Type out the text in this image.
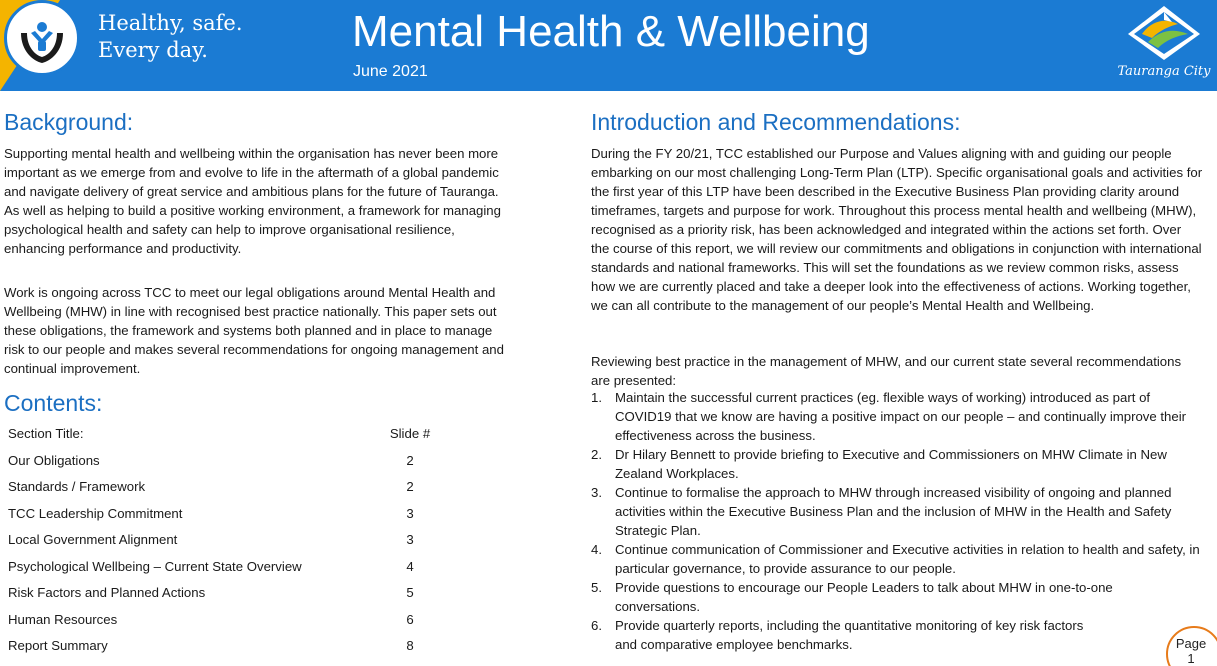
Healthy, safe.
Every day.	Mental Health & Wellbeing
June 2021	Tauranga City
Background:

Supporting mental health and wellbeing within the organisation has never been more important as we emerge from and evolve to life in the aftermath of a global pandemic and navigate delivery of great service and ambitious plans for the future of Tauranga. As well as helping to build a positive working environment, a framework for managing psychological health and safety can help to improve organisational resilience, enhancing performance and productivity.

Work is ongoing across TCC to meet our legal obligations around Mental Health and Wellbeing (MHW) in line with recognised best practice nationally. This paper sets out these obligations, the framework and systems both planned and in place to manage risk to our people and makes several recommendations for ongoing management and continual improvement.

Contents:
Section Title:	Slide #
Our Obligations	2
Standards / Framework	2
TCC Leadership Commitment	3
Local Government Alignment	3
Psychological Wellbeing – Current State Overview	4
Risk Factors and Planned Actions	5
Human Resources	6
Report Summary	8
Introduction and Recommendations:

During the FY 20/21, TCC established our Purpose and Values aligning with and guiding our people embarking on our most challenging Long-Term Plan (LTP). Specific organisational goals and activities for the first year of this LTP have been described in the Executive Business Plan providing clarity around timeframes, targets and purpose for work. Throughout this process mental health and wellbeing (MHW), recognised as a priority risk, has been acknowledged and integrated within the actions set forth. Over the course of this report, we will review our commitments and obligations in conjunction with international standards and national frameworks. This will set the foundations as we review common risks, assess how we are currently placed and take a deeper look into the effectiveness of actions. Working together, we can all contribute to the management of our people’s Mental Health and Wellbeing.

Reviewing best practice in the management of MHW, and our current state several recommendations are presented:

1. Maintain the successful current practices (eg. flexible ways of working) introduced as part of COVID19 that we know are having a positive impact on our people – and continually improve their effectiveness across the business.
2. Dr Hilary Bennett to provide briefing to Executive and Commissioners on MHW Climate in New Zealand Workplaces.
3. Continue to formalise the approach to MHW through increased visibility of ongoing and planned activities within the Executive Business Plan and the inclusion of MHW in the Health and Safety Strategic Plan.
4. Continue communication of Commissioner and Executive activities in relation to health and safety, in particular governance, to provide assurance to our people.
5. Provide questions to encourage our People Leaders to talk about MHW in one-to-one conversations.
6. Provide quarterly reports, including the quantitative monitoring of key risk factors and comparative employee benchmarks.	Page
1
